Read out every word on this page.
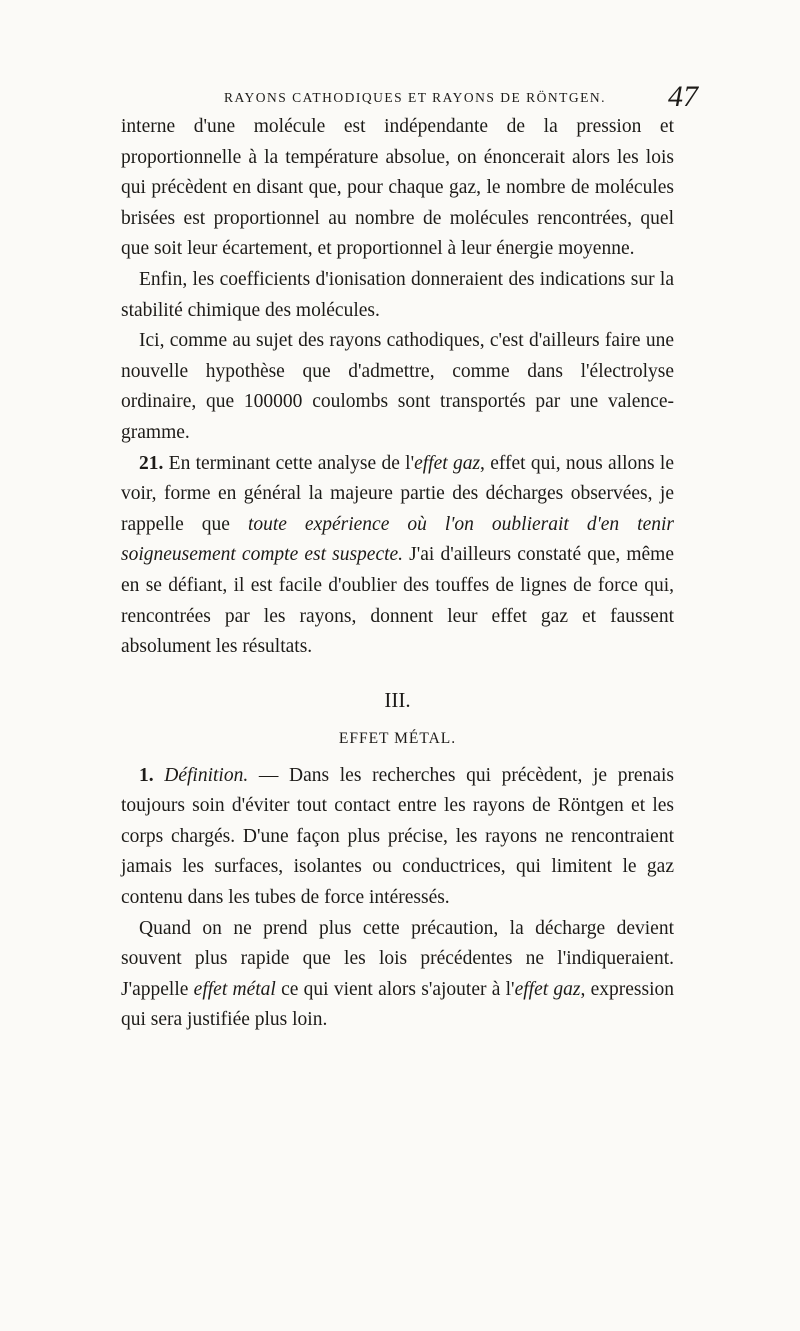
RAYONS CATHODIQUES ET RAYONS DE RÖNTGEN.	47

interne d'une molécule est indépendante de la pression et proportionnelle à la température absolue, on énoncerait alors les lois qui précèdent en disant que, pour chaque gaz, le nombre de molécules brisées est proportionnel au nombre de molécules rencontrées, quel que soit leur écartement, et proportionnel à leur énergie moyenne.

Enfin, les coefficients d'ionisation donneraient des indications sur la stabilité chimique des molécules.

Ici, comme au sujet des rayons cathodiques, c'est d'ailleurs faire une nouvelle hypothèse que d'admettre, comme dans l'électrolyse ordinaire, que 100000 coulombs sont transportés par une valence-gramme.

21. En terminant cette analyse de l'effet gaz, effet qui, nous allons le voir, forme en général la majeure partie des décharges observées, je rappelle que toute expérience où l'on oublierait d'en tenir soigneusement compte est suspecte. J'ai d'ailleurs constaté que, même en se défiant, il est facile d'oublier des touffes de lignes de force qui, rencontrées par les rayons, donnent leur effet gaz et faussent absolument les résultats.

III.
EFFET MÉTAL.

1. Définition. — Dans les recherches qui précèdent, je prenais toujours soin d'éviter tout contact entre les rayons de Röntgen et les corps chargés. D'une façon plus précise, les rayons ne rencontraient jamais les surfaces, isolantes ou conductrices, qui limitent le gaz contenu dans les tubes de force intéressés.

Quand on ne prend plus cette précaution, la décharge devient souvent plus rapide que les lois précédentes ne l'indiqueraient. J'appelle effet métal ce qui vient alors s'ajouter à l'effet gaz, expression qui sera justifiée plus loin.
